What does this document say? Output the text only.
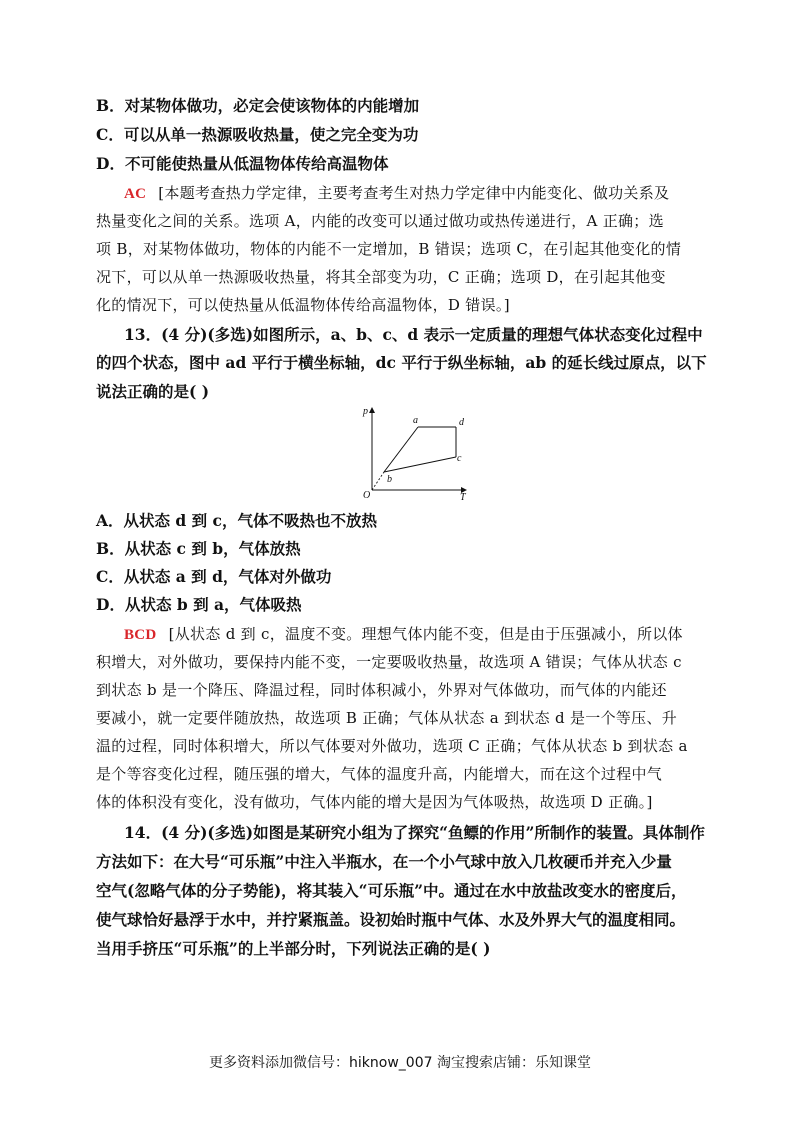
B．对某物体做功，必定会使该物体的内能增加
C．可以从单一热源吸收热量，使之完全变为功
D．不可能使热量从低温物体传给高温物体
AC [本题考查热力学定律，主要考查考生对热力学定律中内能变化、做功关系及
热量变化之间的关系。选项 A，内能的改变可以通过做功或热传递进行，A 正确；选
项 B，对某物体做功，物体的内能不一定增加，B 错误；选项 C，在引起其他变化的情
况下，可以从单一热源吸收热量，将其全部变为功，C 正确；选项 D，在引起其他变
化的情况下，可以使热量从低温物体传给高温物体，D 错误。]
13．(4 分)(多选)如图所示，a、b、c、d 表示一定质量的理想气体状态变化过程中
的四个状态，图中 ad 平行于横坐标轴，dc 平行于纵坐标轴，ab 的延长线过原点，以下
说法正确的是( )
p
T
O
a	d
c
b
A．从状态 d 到 c，气体不吸热也不放热
B．从状态 c 到 b，气体放热
C．从状态 a 到 d，气体对外做功
D．从状态 b 到 a，气体吸热
BCD [从状态 d 到 c，温度不变。理想气体内能不变，但是由于压强减小，所以体
积增大，对外做功，要保持内能不变，一定要吸收热量，故选项 A 错误；气体从状态 c
到状态 b 是一个降压、降温过程，同时体积减小，外界对气体做功，而气体的内能还
要减小，就一定要伴随放热，故选项 B 正确；气体从状态 a 到状态 d 是一个等压、升
温的过程，同时体积增大，所以气体要对外做功，选项 C 正确；气体从状态 b 到状态 a
是个等容变化过程，随压强的增大，气体的温度升高，内能增大，而在这个过程中气
体的体积没有变化，没有做功，气体内能的增大是因为气体吸热，故选项 D 正确。]
14．(4 分)(多选)如图是某研究小组为了探究“鱼鳔的作用”所制作的装置。具体制作
方法如下：在大号“可乐瓶”中注入半瓶水，在一个小气球中放入几枚硬币并充入少量
空气(忽略气体的分子势能)，将其装入“可乐瓶”中。通过在水中放盐改变水的密度后，
使气球恰好悬浮于水中，并拧紧瓶盖。设初始时瓶中气体、水及外界大气的温度相同。
当用手挤压“可乐瓶”的上半部分时，下列说法正确的是( )
更多资料添加微信号：hiknow_007 淘宝搜索店铺：乐知课堂
